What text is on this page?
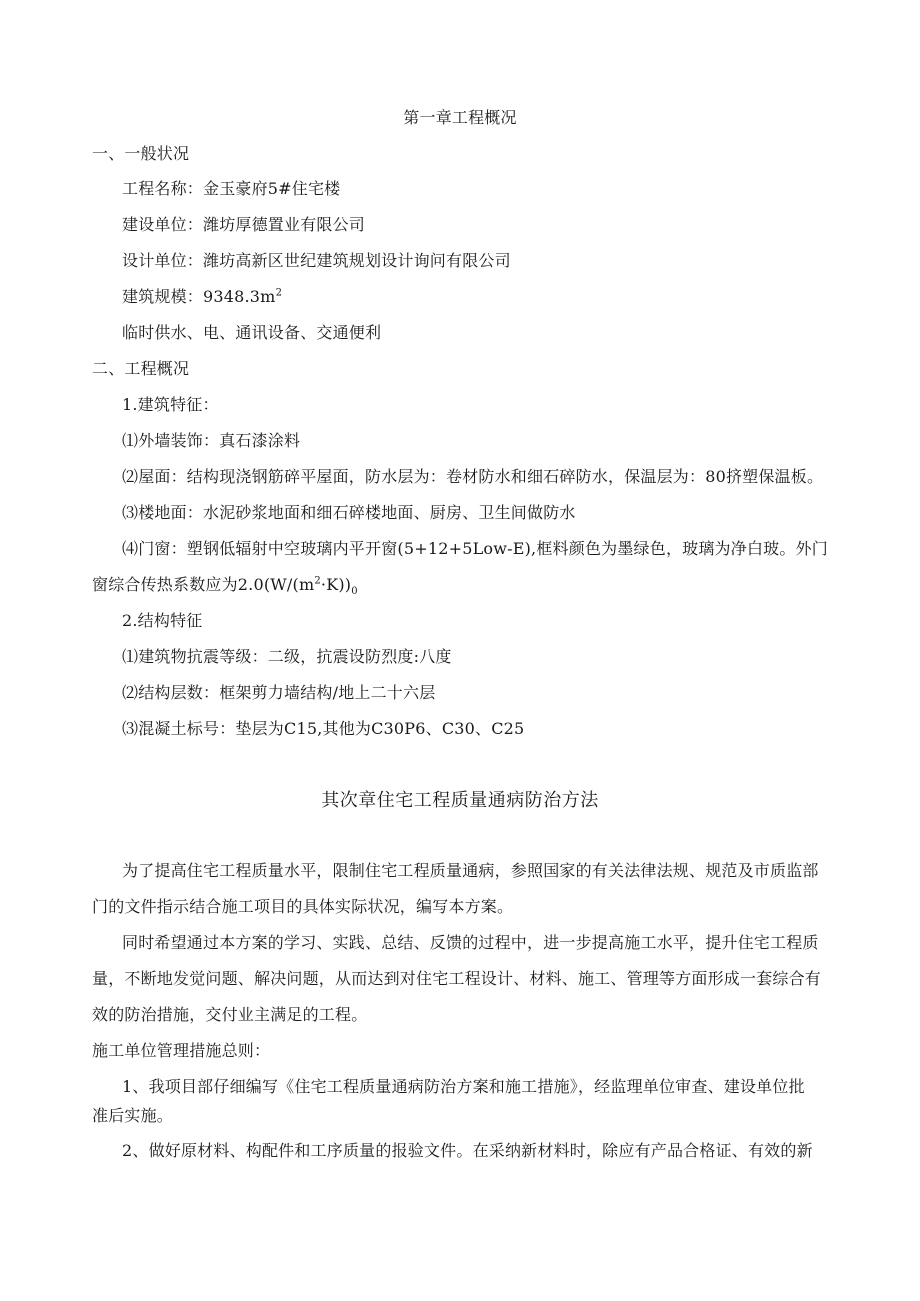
第一章工程概况
一、一般状况
工程名称：金玉豪府5#住宅楼
建设单位：潍坊厚德置业有限公司
设计单位：潍坊高新区世纪建筑规划设计询问有限公司
建筑规模：$9348.3m^2$
临时供水、电、通讯设备、交通便利
二、工程概况
1.建筑特征：
⑴外墙装饰：真石漆涂料
⑵屋面：结构现浇钢筋碎平屋面，防水层为：卷材防水和细石碎防水，保温层为：80挤塑保温板。
⑶楼地面：水泥砂浆地面和细石碎楼地面、厨房、卫生间做防水
⑷门窗：塑钢低辐射中空玻璃内平开窗(5+12+5Low-E),框料颜色为墨绿色，玻璃为净白玻。外门
窗综合传热系数应为$2.0(W/(m^2\cdot K))_0$
2.结构特征
⑴建筑物抗震等级：二级，抗震设防烈度:八度
⑵结构层数：框架剪力墙结构/地上二十六层
⑶混凝土标号：垫层为C15,其他为C30P6、C30、C25
其次章住宅工程质量通病防治方法
为了提高住宅工程质量水平，限制住宅工程质量通病，参照国家的有关法律法规、规范及市质监部
门的文件指示结合施工项目的具体实际状况，编写本方案。
同时希望通过本方案的学习、实践、总结、反馈的过程中，进一步提高施工水平，提升住宅工程质
量，不断地发觉问题、解决问题，从而达到对住宅工程设计、材料、施工、管理等方面形成一套综合有
效的防治措施，交付业主满足的工程。
施工单位管理措施总则：
1、我项目部仔细编写《住宅工程质量通病防治方案和施工措施》，经监理单位审查、建设单位批
准后实施。
2、做好原材料、构配件和工序质量的报验文件。在采纳新材料时，除应有产品合格证、有效的新
